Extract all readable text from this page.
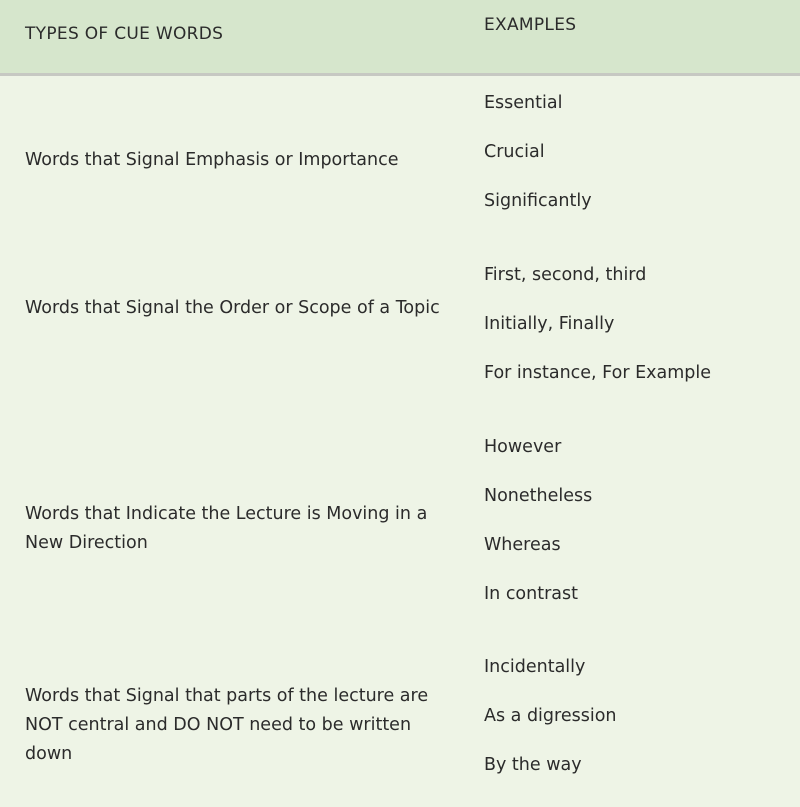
TYPES OF CUE WORDS	EXAMPLES
Words that Signal Emphasis or Importance
Essential
Crucial
Significantly
Words that Signal the Order or Scope of a Topic
First, second, third
Initially, Finally
For instance, For Example
Words that Indicate the Lecture is Moving in a New Direction
However
Nonetheless
Whereas
In contrast
Words that Signal that parts of the lecture are NOT central and DO NOT need to be written down
Incidentally
As a digression
By the way
